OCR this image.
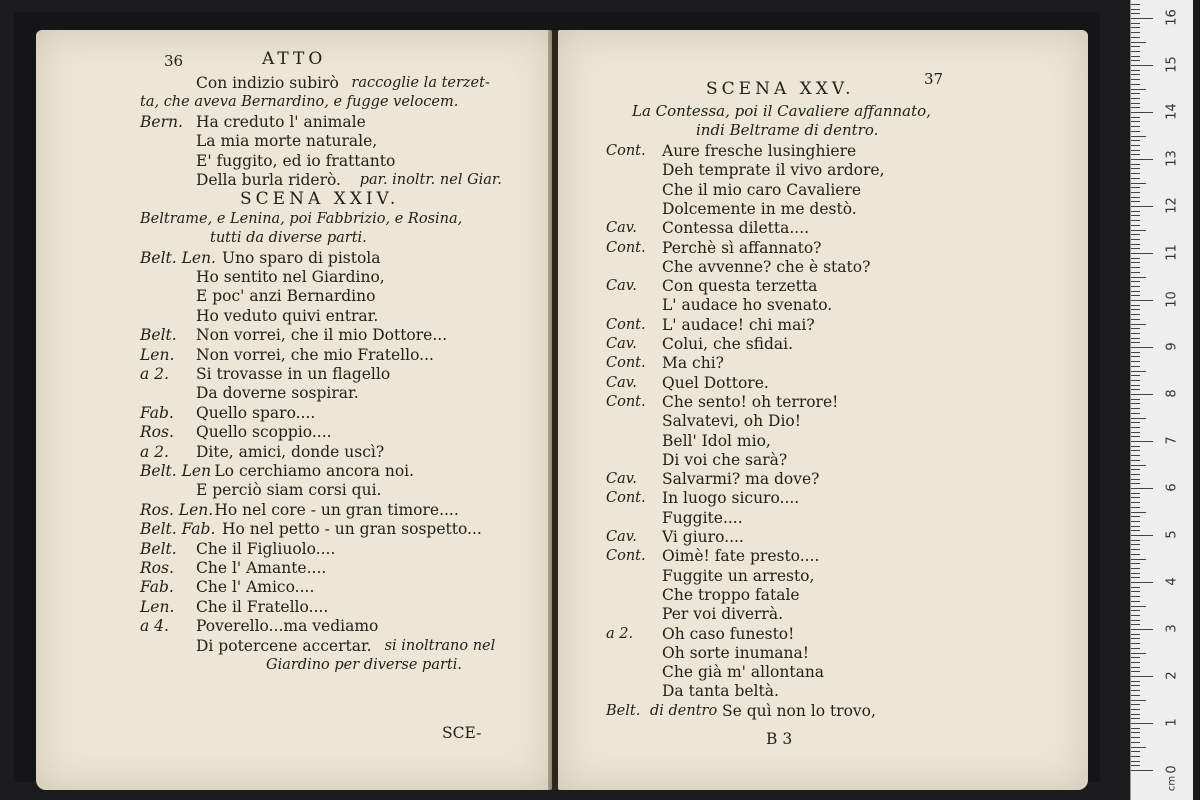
36	ATTO
Con indizio subirò raccoglie la terzet-
ta, che aveva Bernardino, e fugge velocem.
Bern. Ha creduto l' animale
La mia morte naturale,
E' fuggito, ed io frattanto
Della burla riderò. par. inoltr. nel Giar.
SCENA XXIV.
Beltrame, e Lenina, poi Fabbrizio, e Rosina,
tutti da diverse parti.
Belt. Len. Uno sparo di pistola
Ho sentito nel Giardino,
E poc' anzi Bernardino
Ho veduto quivi entrar.
Belt. Non vorrei, che il mio Dottore...
Len. Non vorrei, che mio Fratello...
a 2. Si trovasse in un flagello
Da doverne sospirar.
Fab. Quello sparo....
Ros. Quello scoppio....
a 2. Dite, amici, donde uscì?
Belt. Len Lo cerchiamo ancora noi.
E perciò siam corsi qui.
Ros. Len. Ho nel core - un gran timore....
Belt. Fab. Ho nel petto - un gran sospetto...
Belt. Che il Figliuolo....
Ros. Che l' Amante....
Fab. Che l' Amico....
Len. Che il Fratello....
a 4. Poverello...ma vediamo
Di potercene accertar. si inoltrano nel
Giardino per diverse parti.
SCE-
37
SCENA XXV.
La Contessa, poi il Cavaliere affannato,
indi Beltrame di dentro.
Cont. Aure fresche lusinghiere
Deh temprate il vivo ardore,
Che il mio caro Cavaliere
Dolcemente in me destò.
Cav. Contessa diletta....
Cont. Perchè sì affannato?
Che avvenne? che è stato?
Cav. Con questa terzetta
L' audace ho svenato.
Cont. L' audace! chi mai?
Cav. Colui, che sfidai.
Cont. Ma chi?
Cav. Quel Dottore.
Cont. Che sento! oh terrore!
Salvatevi, oh Dio!
Bell' Idol mio,
Di voi che sarà?
Cav. Salvarmi? ma dove?
Cont. In luogo sicuro....
Fuggite....
Cav. Vi giuro....
Cont. Oimè! fate presto....
Fuggite un arresto,
Che troppo fatale
Per voi diverrà.
a 2. Oh caso funesto!
Oh sorte inumana!
Che già m' allontana
Da tanta beltà.
Belt. di dentro Se quì non lo trovo,
B 3
0
1
2
3
4
5
6
7
8
9
10
11
12
13
14
15
16
cm
